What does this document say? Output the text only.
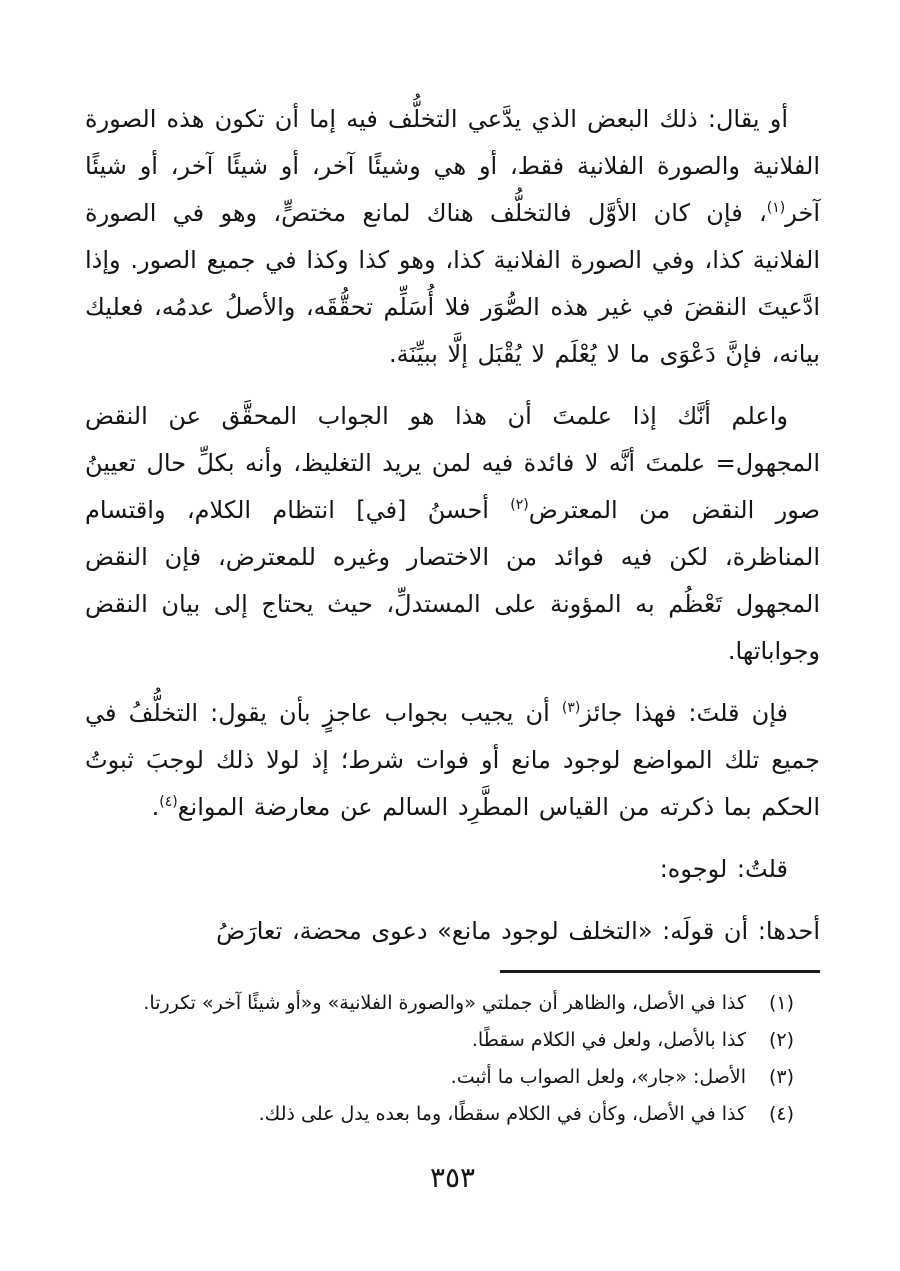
أو يقال: ذلك البعض الذي يدَّعي التخلُّف فيه إما أن تكون هذه الصورة الفلانية والصورة الفلانية فقط، أو هي وشيئًا آخر، أو شيئًا آخر، أو شيئًا آخر$^{(١)}$، فإن كان الأوَّل فالتخلُّف هناك لمانع مختصٍّ، وهو في الصورة الفلانية كذا، وفي الصورة الفلانية كذا، وهو كذا وكذا في جميع الصور. وإذا ادَّعيتَ النقضَ في غير هذه الصُّوَر فلا أُسَلِّم تحقُّقَه، والأصلُ عدمُه، فعليك بيانه، فإنَّ دَعْوَى ما لا يُعْلَم لا يُقْبَل إلَّا ببيِّنَة.

واعلم أنَّك إذا علمتَ أن هذا هو الجواب المحقَّق عن النقض المجهول= علمتَ أنَّه لا فائدة فيه لمن يريد التغليظ، وأنه بكلِّ حال تعيينُ صور النقض من المعترض$^{(٢)}$ أحسنُ [في] انتظام الكلام، واقتسام المناظرة، لكن فيه فوائد من الاختصار وغيره للمعترض، فإن النقض المجهول تَعْظُم به المؤونة على المستدلِّ، حيث يحتاج إلى بيان النقض وجواباتها.

فإن قلتَ: فهذا جائز$^{(٣)}$ أن يجيب بجواب عاجزٍ بأن يقول: التخلُّفُ في جميع تلك المواضع لوجود مانع أو فوات شرط؛ إذ لولا ذلك لوجبَ ثبوتُ الحكم بما ذكرته من القياس المطَّرِد السالم عن معارضة الموانع$^{(٤)}$.

قلتُ: لوجوه:

أحدها: أن قولَه: «التخلف لوجود مانع» دعوى محضة، تعارَضُ

(١)
كذا في الأصل، والظاهر أن جملتي «والصورة الفلانية» و«أو شيئًا آخر» تكررتا.
(٢)
كذا بالأصل، ولعل في الكلام سقطًا.
(٣)
الأصل: «جار»، ولعل الصواب ما أثبت.
(٤)
كذا في الأصل، وكأن في الكلام سقطًا، وما بعده يدل على ذلك.
٣٥٣
